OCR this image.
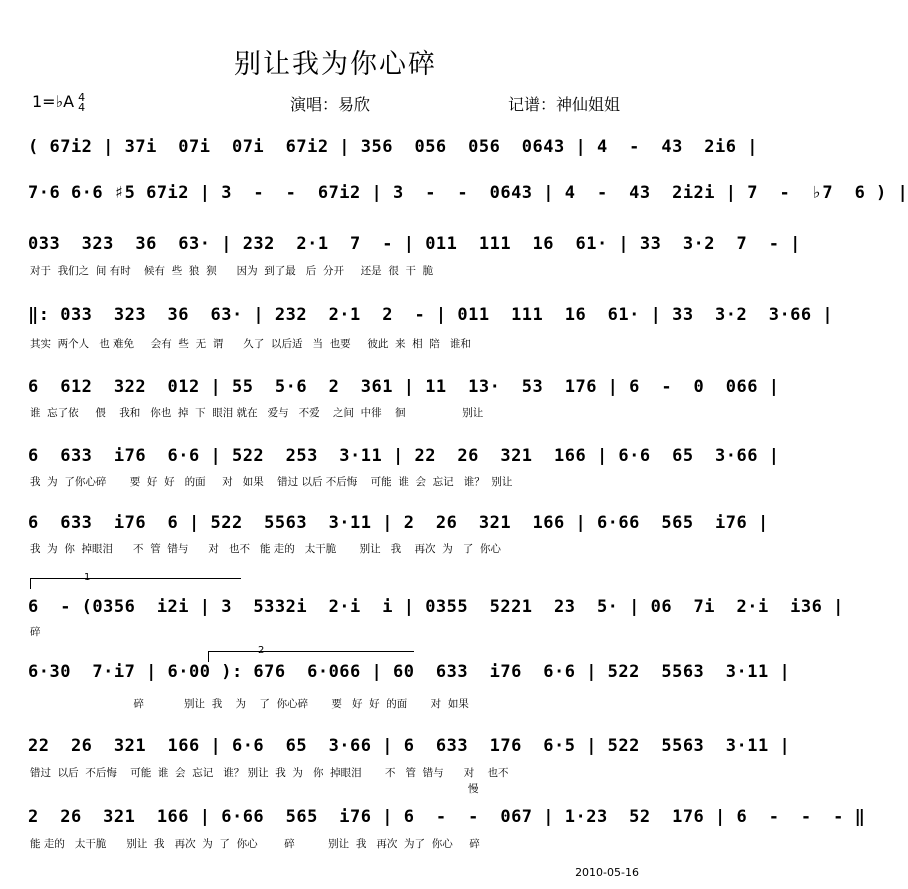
别让我为你心碎
1=♭A 4
4	演唱：易欣	记谱：神仙姐姐
( 67i2 | 37i  07i  07i  67i2 | 356  056  056  0643 | 4  -  43  2i6 |
7·6 6·6 ♯5 67i2 | 3  -  -  67i2 | 3  -  -  0643 | 4  -  43  2i2i | 7  -  ♭7  6 ) |
033  323  36  63· | 232  2·1  7  - | 011  111  16  61· | 33  3·2  7  - |
对于  我们之  间 有时    候有  些  狼  狈      因为  到了最   后  分开     还是  很  干  脆
‖: 033  323  36  63· | 232  2·1  2  - | 011  111  16  61· | 33  3·2  3·66 |
其实  两个人   也 难免     会有  些  无  谓      久了  以后适   当  也要     彼此  来  相  陪   谁和
6  612  322  012 | 55  5·6  2  361 | 11  13·  53  176 | 6  -  0  066 |
谁  忘了依     偎    我和   你也  掉  下  眼泪 就在   爱与   不爱    之间  中徘    徊                 别让
6  633  i76  6·6 | 522  253  3·11 | 22  26  321  166 | 6·6  65  3·66 |
我  为  了你心碎       要  好  好   的面     对   如果    错过 以后 不后悔    可能  谁  会  忘记   谁？  别让
6  633  i76  6 | 522  5563  3·11 | 2  26  321  166 | 6·66  565  i76 |
我  为  你  掉眼泪      不  管  错与      对   也不   能 走的   太干脆       别让   我    再次  为   了  你心
1
6  - (0356  i2i | 3  5332i  2·i  i | 0355  5221  23  5· | 06  7i  2·i  i36 |
碎
2
6·30  7·i7 | 6·00 ): 676  6·066 | 60  633  i76  6·6 | 522  5563  3·11 |
碎            别让  我    为    了  你心碎       要   好  好  的面       对  如果
22  26  321  166 | 6·6  65  3·66 | 6  633  176  6·5 | 522  5563  3·11 |
错过  以后  不后悔    可能  谁  会  忘记   谁？ 别让  我  为   你  掉眼泪       不   管  错与      对    也不
慢
2  26  321  166 | 6·66  565  i76 | 6  -  -  067 | 1·23  52  176 | 6  -  -  - ‖
能 走的   太干脆      别让  我   再次  为  了  你心        碎          别让  我   再次  为了  你心     碎
2010-05-16
